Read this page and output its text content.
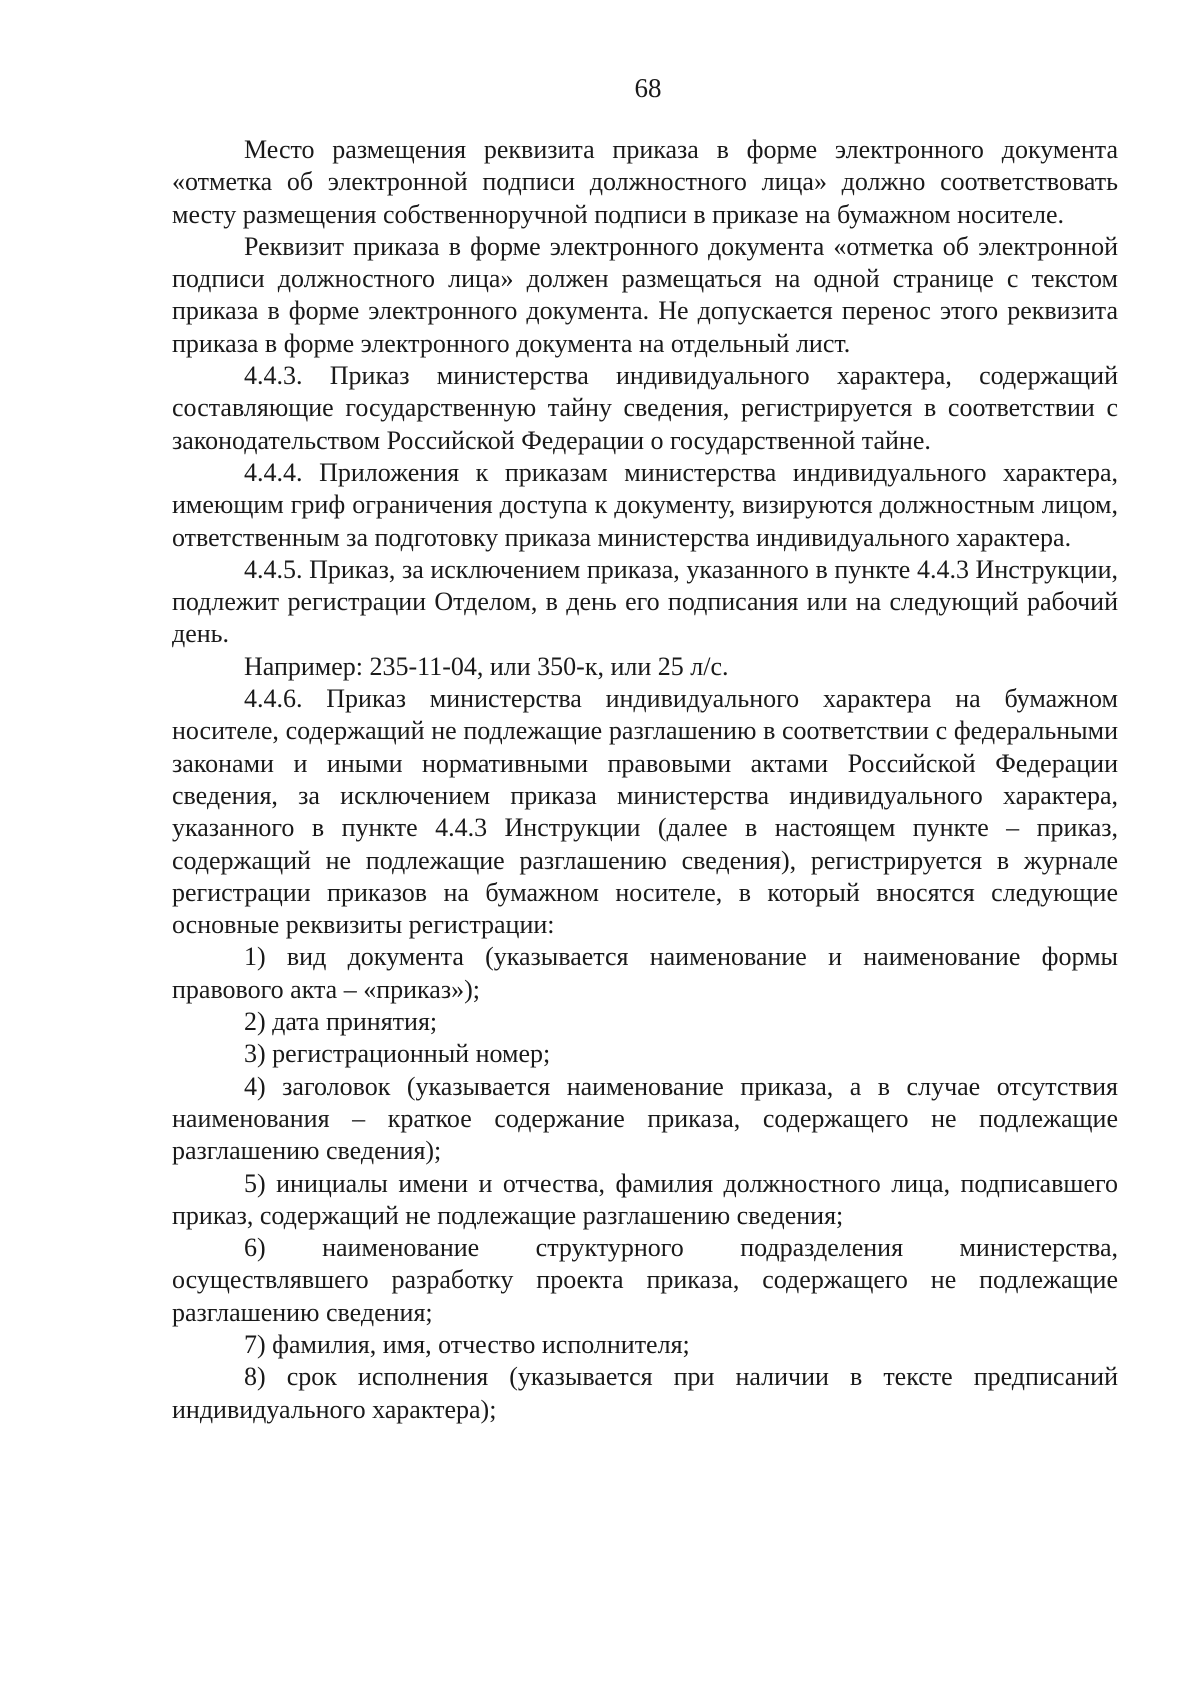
68

Место размещения реквизита приказа в форме электронного документа «отметка об электронной подписи должностного лица» должно соответствовать месту размещения собственноручной подписи в приказе на бумажном носителе.

Реквизит приказа в форме электронного документа «отметка об электронной подписи должностного лица» должен размещаться на одной странице с текстом приказа в форме электронного документа. Не допускается перенос этого реквизита приказа в форме электронного документа на отдельный лист.

4.4.3. Приказ министерства индивидуального характера, содержащий составляющие государственную тайну сведения, регистрируется в соответствии с законодательством Российской Федерации о государственной тайне.

4.4.4. Приложения к приказам министерства индивидуального характера, имеющим гриф ограничения доступа к документу, визируются должностным лицом, ответственным за подготовку приказа министерства индивидуального характера.

4.4.5. Приказ, за исключением приказа, указанного в пункте 4.4.3 Инструкции, подлежит регистрации Отделом, в день его подписания или на следующий рабочий день.

Например: 235-11-04, или 350-к, или 25 л/с.

4.4.6. Приказ министерства индивидуального характера на бумажном носителе, содержащий не подлежащие разглашению в соответствии с федеральными законами и иными нормативными правовыми актами Российской Федерации сведения, за исключением приказа министерства индивидуального характера, указанного в пункте 4.4.3 Инструкции (далее в настоящем пункте – приказ, содержащий не подлежащие разглашению сведения), регистрируется в журнале регистрации приказов на бумажном носителе, в который вносятся следующие основные реквизиты регистрации:

1) вид документа (указывается наименование и наименование формы правового акта – «приказ»);

2) дата принятия;

3) регистрационный номер;

4) заголовок (указывается наименование приказа, а в случае отсутствия наименования – краткое содержание приказа, содержащего не подлежащие разглашению сведения);

5) инициалы имени и отчества, фамилия должностного лица, подписавшего приказ, содержащий не подлежащие разглашению сведения;

6) наименование структурного подразделения министерства, осуществлявшего разработку проекта приказа, содержащего не подлежащие разглашению сведения;

7) фамилия, имя, отчество исполнителя;

8) срок исполнения (указывается при наличии в тексте предписаний индивидуального характера);
